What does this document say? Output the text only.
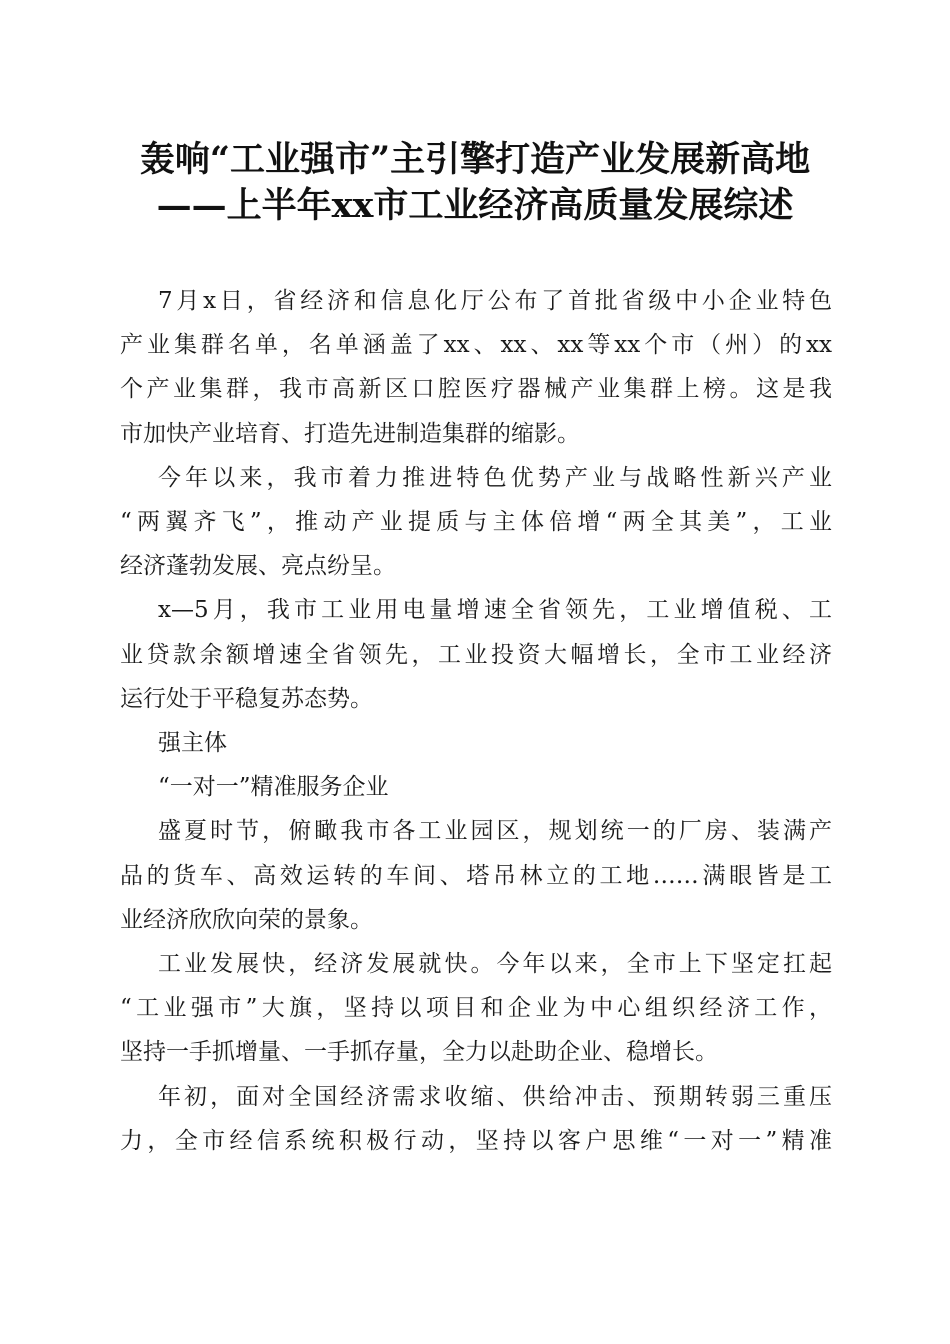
轰响“工业强市”主引擎打造产业发展新高地
——上半年xx市工业经济高质量发展综述

7月x日，省经济和信息化厅公布了首批省级中小企业特色
产业集群名单，名单涵盖了xx、xx、xx等xx个市（州）的xx
个产业集群，我市高新区口腔医疗器械产业集群上榜。这是我
市加快产业培育、打造先进制造集群的缩影。

今年以来，我市着力推进特色优势产业与战略性新兴产业
“两翼齐飞”，推动产业提质与主体倍增“两全其美”，工业
经济蓬勃发展、亮点纷呈。

x—5月，我市工业用电量增速全省领先，工业增值税、工
业贷款余额增速全省领先，工业投资大幅增长，全市工业经济
运行处于平稳复苏态势。

强主体

“一对一”精准服务企业

盛夏时节，俯瞰我市各工业园区，规划统一的厂房、装满产
品的货车、高效运转的车间、塔吊林立的工地……满眼皆是工
业经济欣欣向荣的景象。

工业发展快，经济发展就快。今年以来，全市上下坚定扛起
“工业强市”大旗，坚持以项目和企业为中心组织经济工作，
坚持一手抓增量、一手抓存量，全力以赴助企业、稳增长。

年初，面对全国经济需求收缩、供给冲击、预期转弱三重压
力，全市经信系统积极行动，坚持以客户思维“一对一”精准
